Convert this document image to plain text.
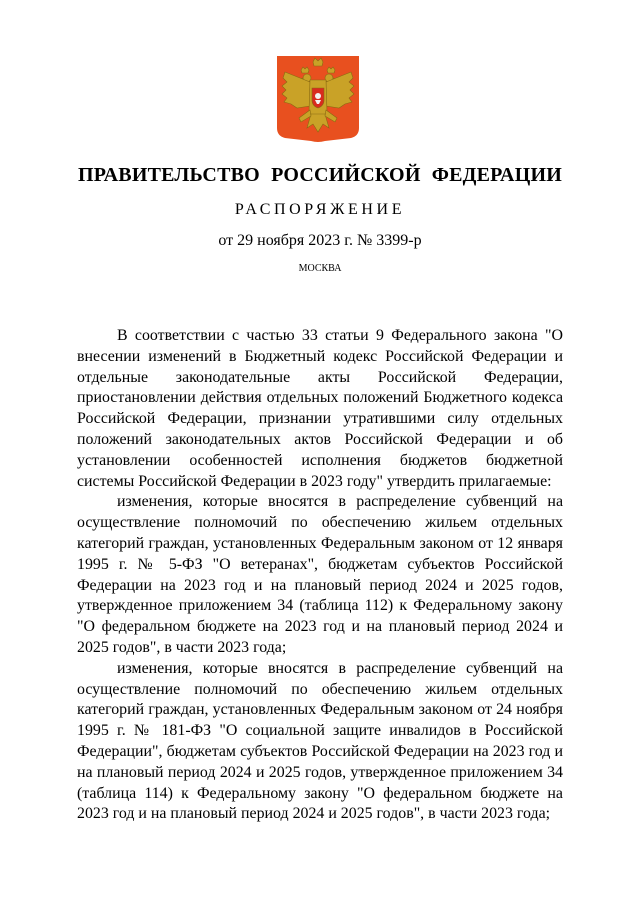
ПРАВИТЕЛЬСТВО РОССИЙСКОЙ ФЕДЕРАЦИИ
РАСПОРЯЖЕНИЕ
от 29 ноября 2023 г. № 3399-р
МОСКВА

В соответствии с частью 33 статьи 9 Федерального закона "О внесении изменений в Бюджетный кодекс Российской Федерации и отдельные законодательные акты Российской Федерации, приостановлении действия отдельных положений Бюджетного кодекса Российской Федерации, признании утратившими силу отдельных положений законодательных актов Российской Федерации и об установлении особенностей исполнения бюджетов бюджетной системы Российской Федерации в 2023 году" утвердить прилагаемые:

изменения, которые вносятся в распределение субвенций на осуществление полномочий по обеспечению жильем отдельных категорий граждан, установленных Федеральным законом от 12 января 1995 г. № 5-ФЗ "О ветеранах", бюджетам субъектов Российской Федерации на 2023 год и на плановый период 2024 и 2025 годов, утвержденное приложением 34 (таблица 112) к Федеральному закону "О федеральном бюджете на 2023 год и на плановый период 2024 и 2025 годов", в части 2023 года;

изменения, которые вносятся в распределение субвенций на осуществление полномочий по обеспечению жильем отдельных категорий граждан, установленных Федеральным законом от 24 ноября 1995 г. № 181-ФЗ "О социальной защите инвалидов в Российской Федерации", бюджетам субъектов Российской Федерации на 2023 год и на плановый период 2024 и 2025 годов, утвержденное приложением 34 (таблица 114) к Федеральному закону "О федеральном бюджете на 2023 год и на плановый период 2024 и 2025 годов", в части 2023 года;
